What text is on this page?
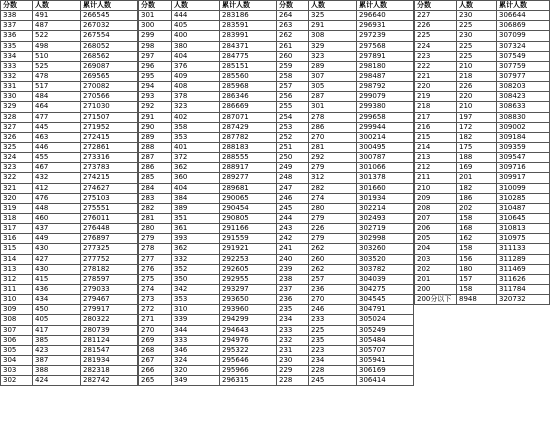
分数	人数	累计人数
338	491	266545
337	487	267032
336	522	267554
335	498	268052
334	510	268562
333	525	269087
332	478	269565
331	517	270082
330	484	270566
329	464	271030
328	477	271507
327	445	271952
326	463	272415
325	446	272861
324	455	273316
323	467	273783
322	432	274215
321	412	274627
320	476	275103
319	448	275551
318	460	276011
317	437	276448
316	449	276897
315	430	277325
314	427	277752
313	430	278182
312	415	278597
311	436	279033
310	434	279467
309	450	279917
308	405	280322
307	417	280739
306	385	281124
305	423	281547
304	387	281934
303	388	282318
302	424	282742
分数	人数	累计人数
301	444	283186
300	405	283591
299	400	283991
298	380	284371
297	404	284775
296	376	285151
295	409	285560
294	408	285968
293	378	286346
292	323	286669
291	402	287071
290	358	287429
289	353	287782
288	401	288183
287	372	288555
286	362	288917
285	360	289277
284	404	289681
283	384	290065
282	389	290454
281	351	290805
280	361	291166
279	393	291559
278	362	291921
277	332	292253
276	352	292605
275	350	292955
274	342	293297
273	353	293650
272	310	293960
271	339	294299
270	344	294643
269	333	294976
268	346	295322
267	324	295646
266	320	295966
265	349	296315
分数	人数	累计人数
264	325	296640
263	291	296931
262	308	297239
261	329	297568
260	323	297891
259	289	298180
258	307	298487
257	305	298792
256	287	299079
255	301	299380
254	278	299658
253	286	299944
252	270	300214
251	281	300495
250	292	300787
249	279	301066
248	312	301378
247	282	301660
246	274	301934
245	280	302214
244	279	302493
243	226	302719
242	279	302998
241	262	303260
240	260	303520
239	262	303782
238	257	304039
237	236	304275
236	270	304545
235	246	304791
234	233	305024
233	225	305249
232	235	305484
231	223	305707
230	234	305941
229	228	306169
228	245	306414
分数	人数	累计人数
227	230	306644
226	225	306869
225	230	307099
224	225	307324
223	225	307549
222	210	307759
221	218	307977
220	226	308203
219	220	308423
218	210	308633
217	197	308830
216	172	309002
215	182	309184
214	175	309359
213	188	309547
212	169	309716
211	201	309917
210	182	310099
209	186	310285
208	202	310487
207	158	310645
206	168	310813
205	162	310975
204	158	311133
203	156	311289
202	180	311469
201	157	311626
200	158	311784
200分以下	8948	320732
